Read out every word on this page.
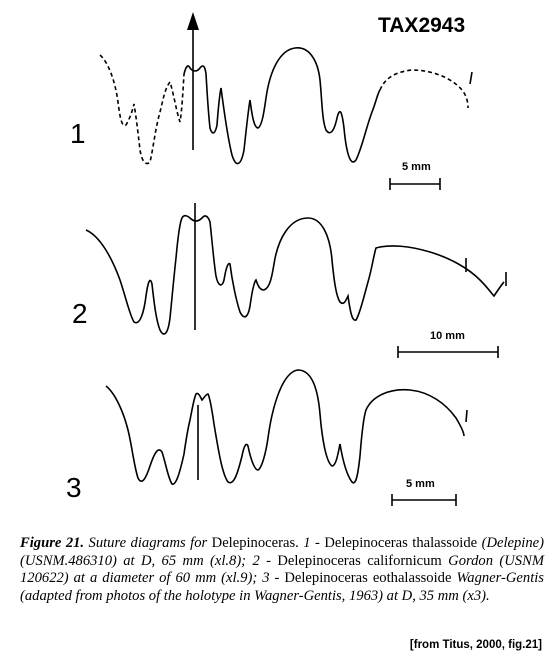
TAX2943
1
2
3
5 mm
10 mm
5 mm
Figure 21. Suture diagrams for Delepinoceras. 1 - Delepinoceras thalassoide (Delepine) (USNM.486310) at D, 65 mm (xl.8); 2 - Delepinoceras californicum Gordon (USNM 120622) at a diameter of 60 mm (xl.9); 3 - Delepinoceras eothalassoide Wagner-Gentis (adapted from photos of the holotype in Wagner-Gentis, 1963) at D, 35 mm (x3).
[from Titus, 2000, fig.21]
